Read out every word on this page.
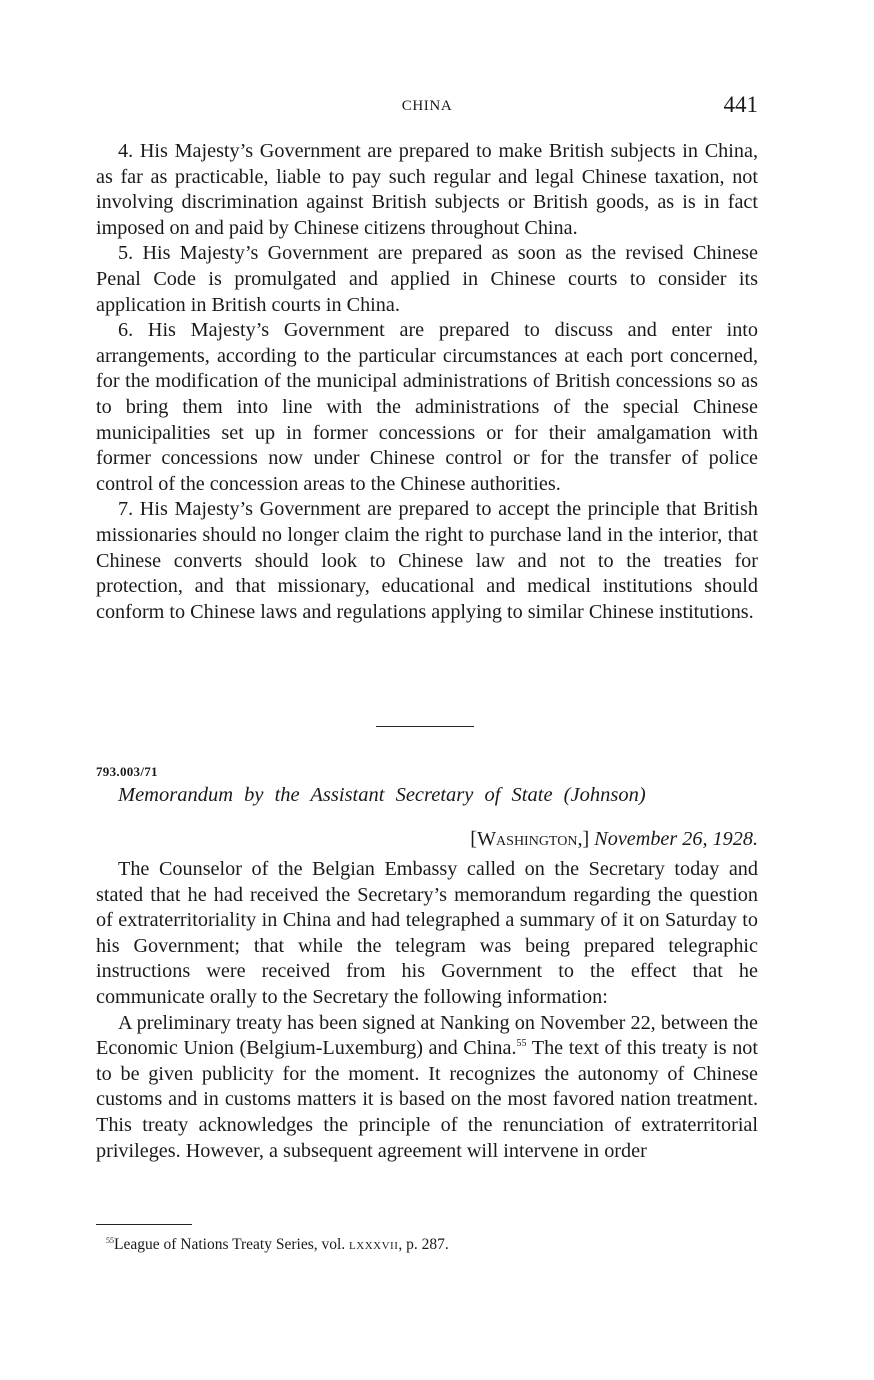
CHINA	441

4. His Majesty’s Government are prepared to make British subjects in China, as far as practicable, liable to pay such regular and legal Chinese taxation, not involving discrimination against British subjects or British goods, as is in fact imposed on and paid by Chinese citizens throughout China.

5. His Majesty’s Government are prepared as soon as the revised Chinese Penal Code is promulgated and applied in Chinese courts to consider its application in British courts in China.

6. His Majesty’s Government are prepared to discuss and enter into arrangements, according to the particular circumstances at each port concerned, for the modification of the municipal administrations of British concessions so as to bring them into line with the administrations of the special Chinese municipalities set up in former concessions or for their amalgamation with former concessions now under Chinese control or for the transfer of police control of the concession areas to the Chinese authorities.

7. His Majesty’s Government are prepared to accept the principle that British missionaries should no longer claim the right to purchase land in the interior, that Chinese converts should look to Chinese law and not to the treaties for protection, and that missionary, educational and medical institutions should conform to Chinese laws and regulations applying to similar Chinese institutions.

793.003/71
Memorandum by the Assistant Secretary of State (Johnson)
[Washington,] November 26, 1928.

The Counselor of the Belgian Embassy called on the Secretary today and stated that he had received the Secretary’s memorandum regarding the question of extraterritoriality in China and had telegraphed a summary of it on Saturday to his Government; that while the telegram was being prepared telegraphic instructions were received from his Government to the effect that he communicate orally to the Secretary the following information:

A preliminary treaty has been signed at Nanking on November 22, between the Economic Union (Belgium-Luxemburg) and China.$^{55}$ The text of this treaty is not to be given publicity for the moment. It recognizes the autonomy of Chinese customs and in customs matters it is based on the most favored nation treatment. This treaty acknowledges the principle of the renunciation of extraterritorial privileges. However, a subsequent agreement will intervene in order

$^{55}$League of Nations Treaty Series, vol. lxxxvii, p. 287.
